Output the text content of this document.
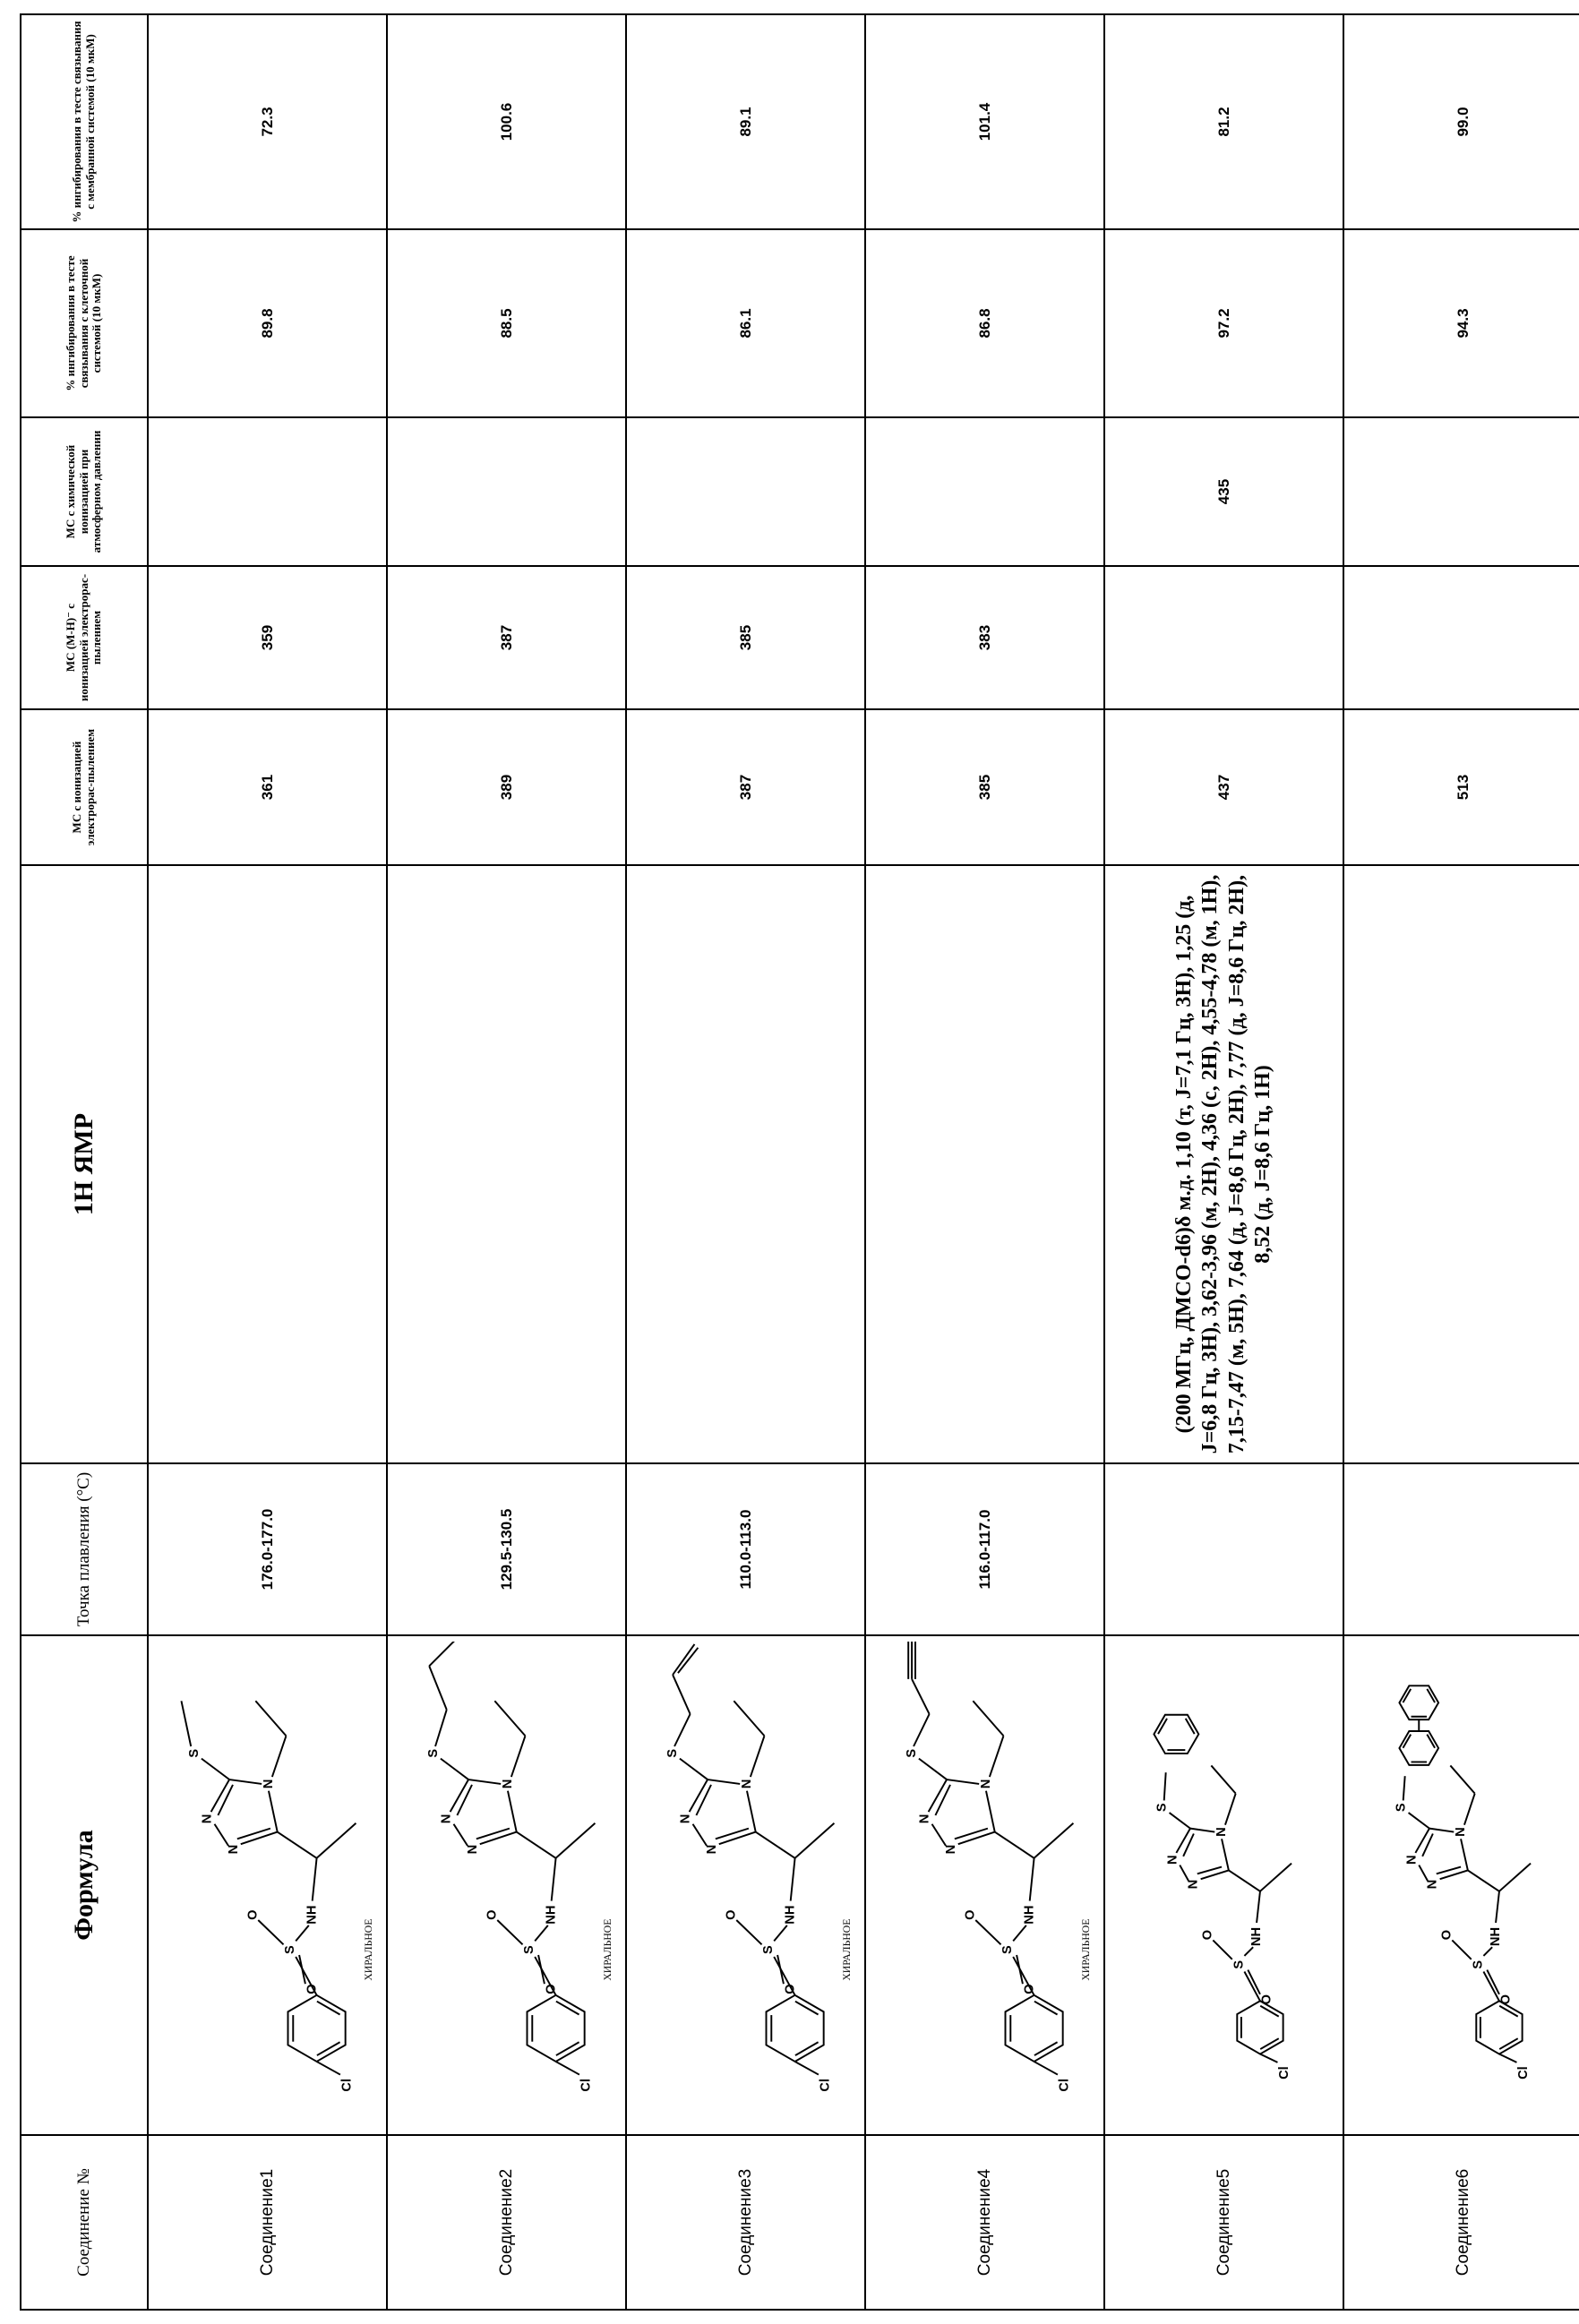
Соединение №	Формула	Точка плавления (°С)	1Н ЯМР	МС с ионизацией электрорас-пылением	МС (М-Н)⁻ с ионизацией электрорас-пылением	МС с химической ионизацией при атмосферном давлении	% ингибирования в тесте связывания с клеточной системой (10 мкМ)	% ингибирования в тесте связывания с мембранной системой (10 мкМ)
Соединение1	
Cl
S
O
O
NH
N
N
N
S
ХИРАЛЬНОЕ
	176.0-177.0		361	359		89.8	72.3
Соединение2	
Cl
S
O
O
NH
N
N
N
S
ХИРАЛЬНОЕ
	129.5-130.5		389	387		88.5	100.6
Соединение3	
Cl
S
O
O
NH
N
N
N
S
ХИРАЛЬНОЕ
	110.0-113.0		387	385		86.1	89.1
Соединение4	
Cl
S
O
O
NH
N
N
N
S
ХИРАЛЬНОЕ
	116.0-117.0		385	383		86.8	101.4
Соединение5	
Cl
S
O
O
NH
N
N
N
S
		(200 МГц, ДМСО-d6)δ м.д. 1,10 (т, J=7,1 Гц, 3H), 1,25 (д, J=6,8 Гц, 3H), 3,62-3,96 (м, 2H), 4,36 (с, 2H), 4,55-4,78 (м, 1H), 7,15-7,47 (м, 5H), 7,64 (д, J=8,6 Гц, 2H), 7,77 (д, J=8,6 Гц, 2H), 8,52 (д, J=8,6 Гц, 1H)	437		435	97.2	81.2
Соединение6	
Cl
S
O
O
NH
N
N
N
S
			513			94.3	99.0
